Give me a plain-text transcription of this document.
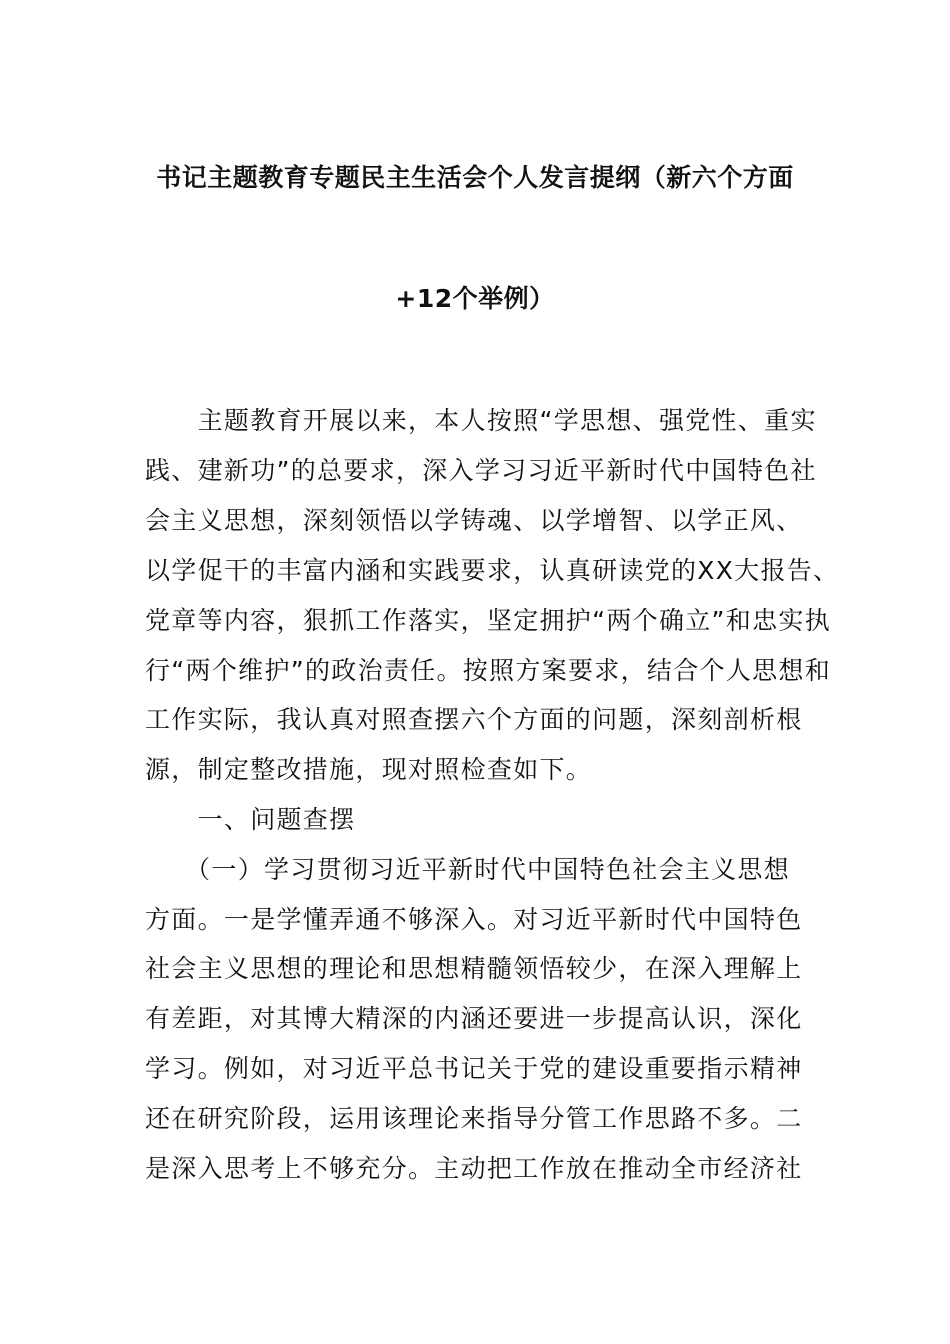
书记主题教育专题民主生活会个人发言提纲（新六个方面
+12个举例）
　　主题教育开展以来，本人按照“学思想、强党性、重实
践、建新功”的总要求，深入学习习近平新时代中国特色社
会主义思想，深刻领悟以学铸魂、以学增智、以学正风、
以学促干的丰富内涵和实践要求，认真研读党的XX大报告、
党章等内容，狠抓工作落实，坚定拥护“两个确立”和忠实执
行“两个维护”的政治责任。按照方案要求，结合个人思想和
工作实际，我认真对照查摆六个方面的问题，深刻剖析根
源，制定整改措施，现对照检查如下。
　　一、问题查摆
　　（一）学习贯彻习近平新时代中国特色社会主义思想
方面。一是学懂弄通不够深入。对习近平新时代中国特色
社会主义思想的理论和思想精髓领悟较少，在深入理解上
有差距，对其博大精深的内涵还要进一步提高认识，深化
学习。例如，对习近平总书记关于党的建设重要指示精神
还在研究阶段，运用该理论来指导分管工作思路不多。二
是深入思考上不够充分。主动把工作放在推动全市经济社
